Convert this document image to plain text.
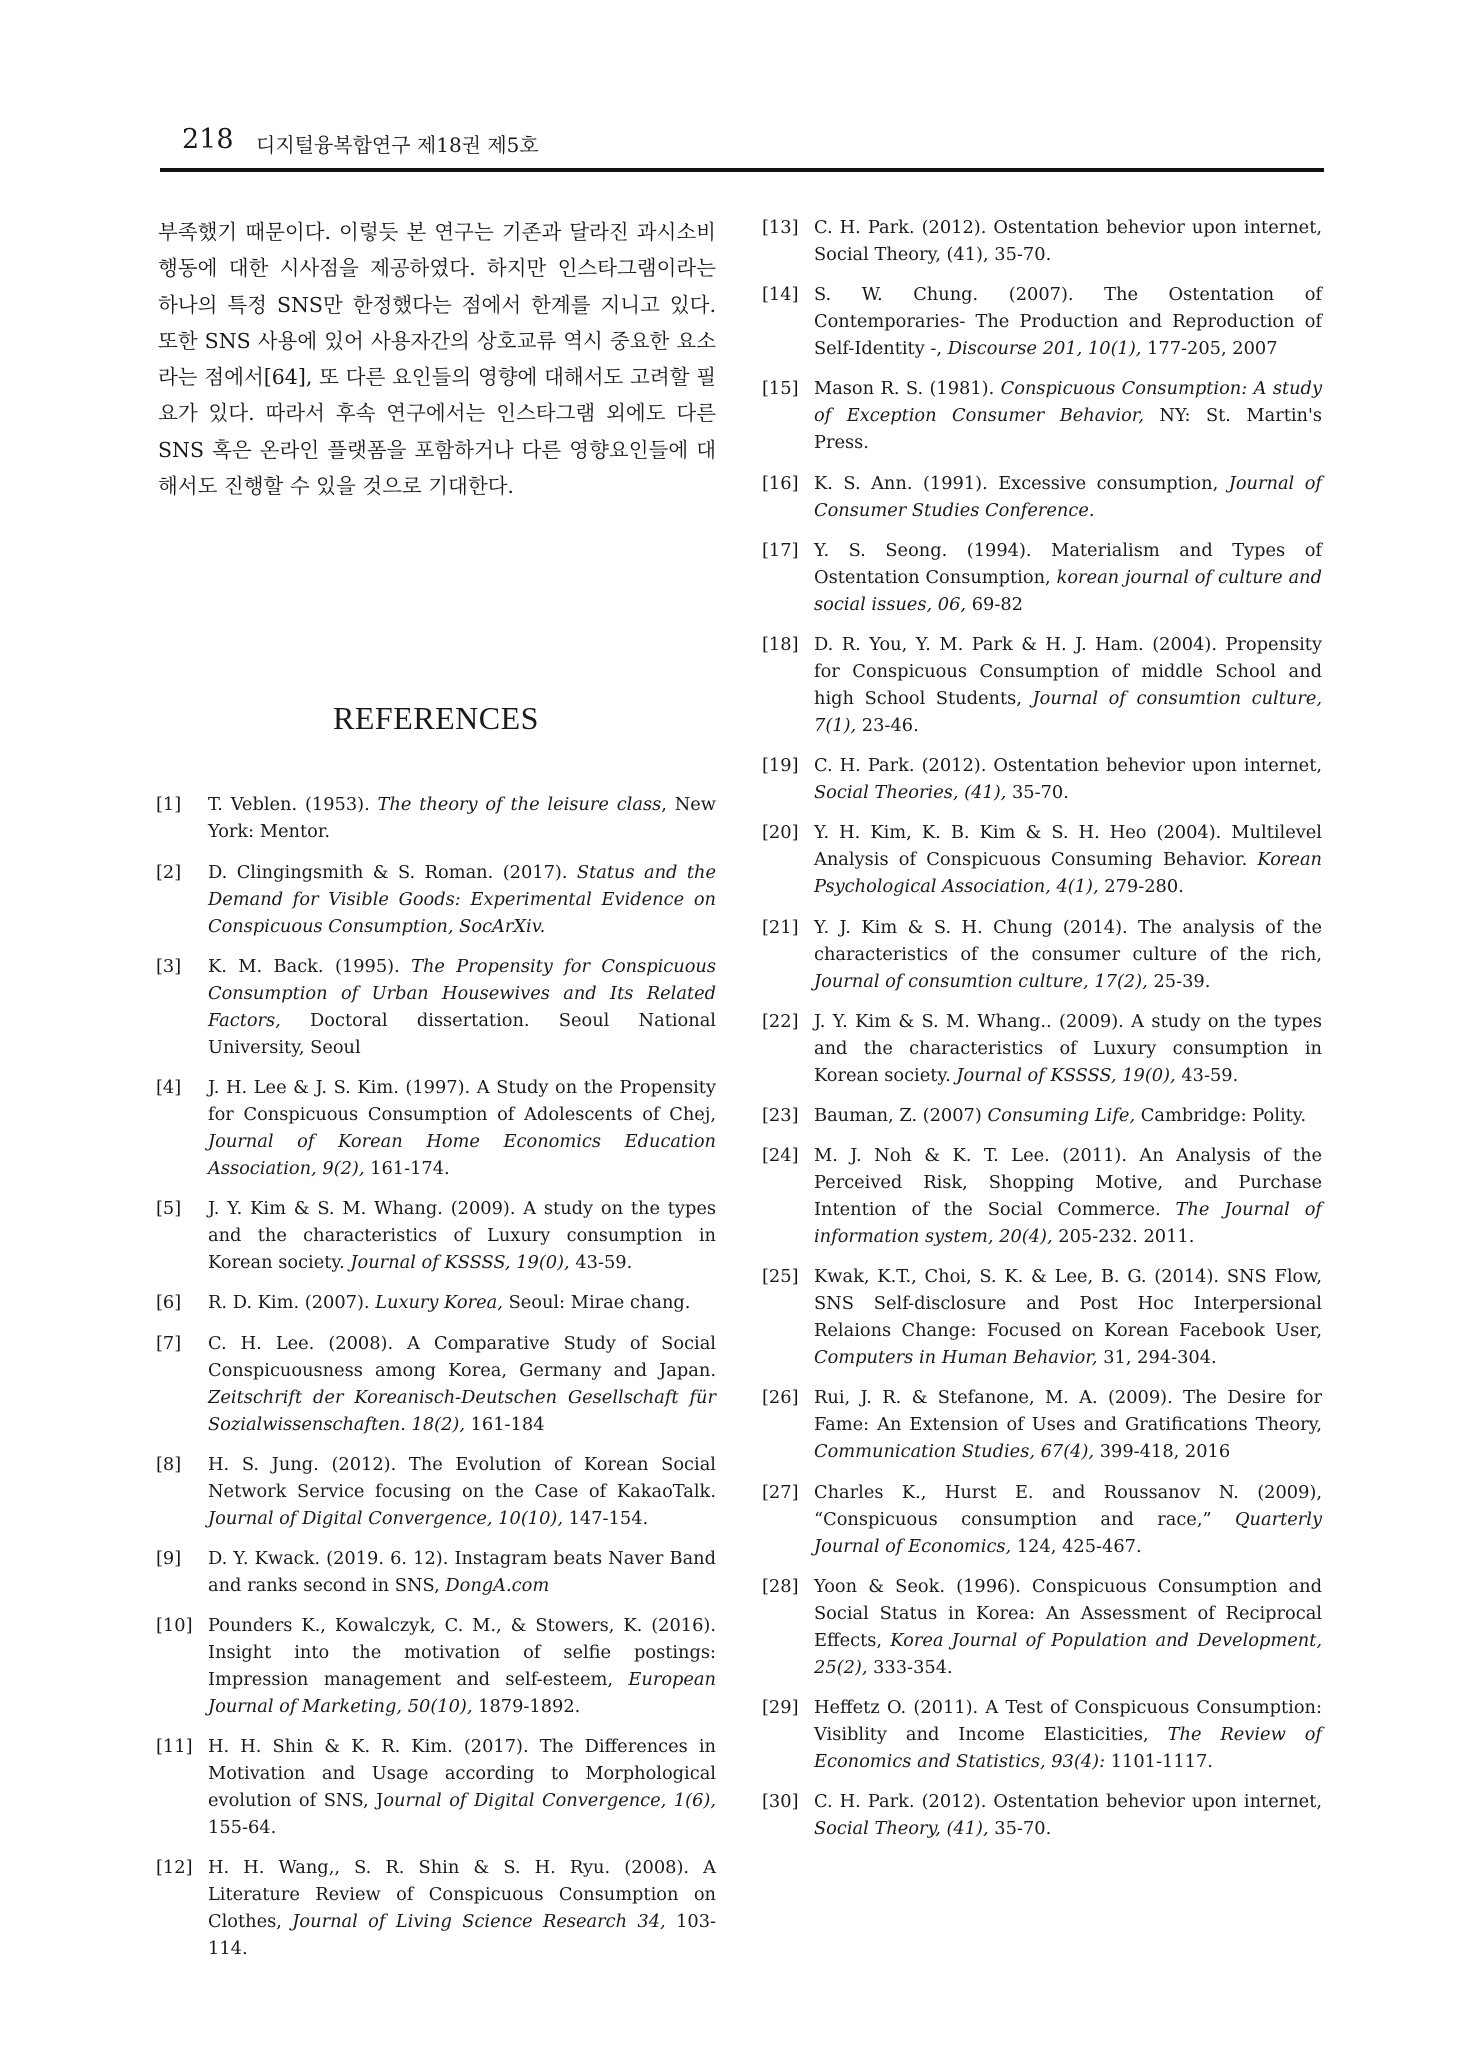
218 디지털융복합연구 제18권 제5호

부족했기 때문이다. 이렇듯 본 연구는 기존과 달라진 과시소비행동에 대한 시사점을 제공하였다. 하지만 인스타그램이라는 하나의 특정 SNS만 한정했다는 점에서 한계를 지니고 있다. 또한 SNS 사용에 있어 사용자간의 상호교류 역시 중요한 요소라는 점에서[64], 또 다른 요인들의 영향에 대해서도 고려할 필요가 있다. 따라서 후속 연구에서는 인스타그램 외에도 다른 SNS 혹은 온라인 플랫폼을 포함하거나 다른 영향요인들에 대해서도 진행할 수 있을 것으로 기대한다.

REFERENCES
[1]	T. Veblen. (1953). The theory of the leisure class, New York: Mentor.
[2]	D. Clingingsmith & S. Roman. (2017). Status and the Demand for Visible Goods: Experimental Evidence on Conspicuous Consumption, SocArXiv.
[3]	K. M. Back. (1995). The Propensity for Conspicuous Consumption of Urban Housewives and Its Related Factors, Doctoral dissertation. Seoul National University, Seoul
[4]	J. H. Lee & J. S. Kim. (1997). A Study on the Propensity for Conspicuous Consumption of Adolescents of Chej, Journal of Korean Home Economics Education Association, 9(2), 161-174.
[5]	J. Y. Kim & S. M. Whang. (2009). A study on the types and the characteristics of Luxury consumption in Korean society. Journal of KSSSS, 19(0), 43-59.
[6]	R. D. Kim. (2007). Luxury Korea, Seoul: Mirae chang.
[7]	C. H. Lee. (2008). A Comparative Study of Social Conspicuousness among Korea, Germany and Japan. Zeitschrift der Koreanisch-Deutschen Gesellschaft für Sozialwissenschaften. 18(2), 161-184
[8]	H. S. Jung. (2012). The Evolution of Korean Social Network Service focusing on the Case of KakaoTalk. Journal of Digital Convergence, 10(10), 147-154.
[9]	D. Y. Kwack. (2019. 6. 12). Instagram beats Naver Band and ranks second in SNS, DongA.com
[10] Pounders K., Kowalczyk, C. M., & Stowers, K. (2016). Insight into the motivation of selfie postings: Impression management and self-esteem, European Journal of Marketing, 50(10), 1879-1892.
[11] H. H. Shin & K. R. Kim. (2017). The Differences in Motivation and Usage according to Morphological evolution of SNS, Journal of Digital Convergence, 1(6), 155-64.
[12] H. H. Wang,, S. R. Shin & S. H. Ryu. (2008). A Literature Review of Conspicuous Consumption on Clothes, Journal of Living Science Research 34, 103-114.
[13] C. H. Park. (2012). Ostentation behevior upon internet, Social Theory, (41), 35-70.
[14] S. W. Chung. (2007). The Ostentation of Contemporaries- The Production and Reproduction of Self-Identity -, Discourse 201, 10(1), 177-205, 2007
[15] Mason R. S. (1981). Conspicuous Consumption: A study of Exception Consumer Behavior, NY: St. Martin's Press.
[16] K. S. Ann. (1991). Excessive consumption, Journal of Consumer Studies Conference.
[17] Y. S. Seong. (1994). Materialism and Types of Ostentation Consumption, korean journal of culture and social issues, 06, 69-82
[18] D. R. You, Y. M. Park & H. J. Ham. (2004). Propensity for Conspicuous Consumption of middle School and high School Students, Journal of consumtion culture, 7(1), 23-46.
[19] C. H. Park. (2012). Ostentation behevior upon internet, Social Theories, (41), 35-70.
[20] Y. H. Kim, K. B. Kim & S. H. Heo (2004). Multilevel Analysis of Conspicuous Consuming Behavior. Korean Psychological Association, 4(1), 279-280.
[21] Y. J. Kim & S. H. Chung (2014). The analysis of the characteristics of the consumer culture of the rich, Journal of consumtion culture, 17(2), 25-39.
[22] J. Y. Kim & S. M. Whang.. (2009). A study on the types and the characteristics of Luxury consumption in Korean society. Journal of KSSSS, 19(0), 43-59.
[23] Bauman, Z. (2007) Consuming Life, Cambridge: Polity.
[24] M. J. Noh & K. T. Lee. (2011). An Analysis of the Perceived Risk, Shopping Motive, and Purchase Intention of the Social Commerce. The Journal of information system, 20(4), 205-232. 2011.
[25] Kwak, K.T., Choi, S. K. & Lee, B. G. (2014). SNS Flow, SNS Self-disclosure and Post Hoc Interpersional Relaions Change: Focused on Korean Facebook User, Computers in Human Behavior, 31, 294-304.
[26] Rui, J. R. & Stefanone, M. A. (2009). The Desire for Fame: An Extension of Uses and Gratifications Theory, Communication Studies, 67(4), 399-418, 2016
[27] Charles K., Hurst E. and Roussanov N. (2009), “Conspicuous consumption and race,” Quarterly Journal of Economics, 124, 425-467.
[28] Yoon & Seok. (1996). Conspicuous Consumption and Social Status in Korea: An Assessment of Reciprocal Effects, Korea Journal of Population and Development, 25(2), 333-354.
[29] Heffetz O. (2011). A Test of Conspicuous Consumption: Visiblity and Income Elasticities, The Review of Economics and Statistics, 93(4): 1101-1117.
[30] C. H. Park. (2012). Ostentation behevior upon internet, Social Theory, (41), 35-70.
